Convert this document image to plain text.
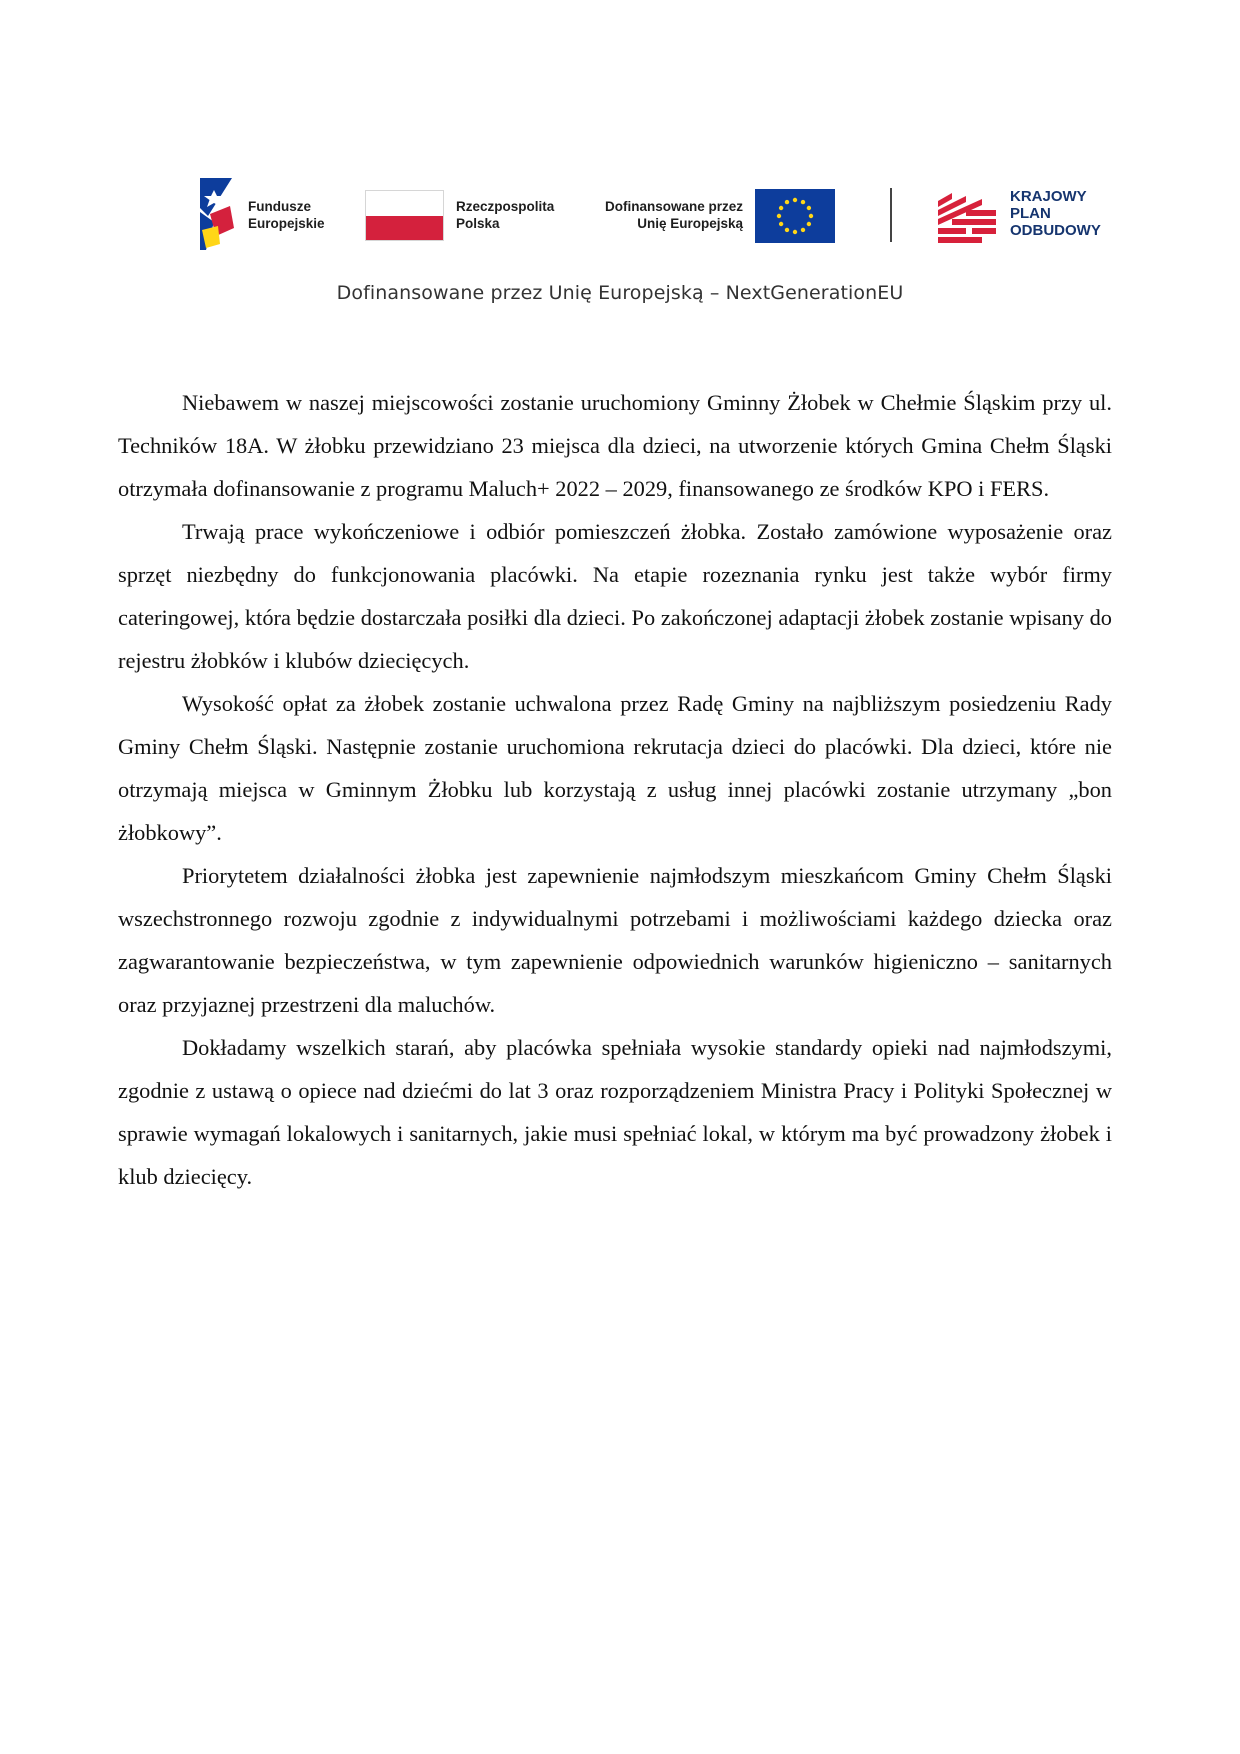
Fundusze
Europejskie
Rzeczpospolita
Polska
Dofinansowane przez
Unię Europejską
KRAJOWY
PLAN
ODBUDOWY
Dofinansowane przez Unię Europejską – NextGenerationEU

Niebawem w naszej miejscowości zostanie uruchomiony Gminny Żłobek w Chełmie Śląskim przy ul. Techników 18A. W żłobku przewidziano 23 miejsca dla dzieci, na utworzenie których Gmina Chełm Śląski otrzymała dofinansowanie z programu Maluch+ 2022 – 2029, finansowanego ze środków KPO i FERS.

Trwają prace wykończeniowe i odbiór pomieszczeń żłobka. Zostało zamówione wyposażenie oraz sprzęt niezbędny do funkcjonowania placówki. Na etapie rozeznania rynku jest także wybór firmy cateringowej, która będzie dostarczała posiłki dla dzieci. Po zakończonej adaptacji żłobek zostanie wpisany do rejestru żłobków i klubów dziecięcych.

Wysokość opłat za żłobek zostanie uchwalona przez Radę Gminy na najbliższym posiedzeniu Rady Gminy Chełm Śląski. Następnie zostanie uruchomiona rekrutacja dzieci do placówki. Dla dzieci, które nie otrzymają miejsca w Gminnym Żłobku lub korzystają z usług innej placówki zostanie utrzymany „bon żłobkowy”.

Priorytetem działalności żłobka jest zapewnienie najmłodszym mieszkańcom Gminy Chełm Śląski wszechstronnego rozwoju zgodnie z indywidualnymi potrzebami i możliwościami każdego dziecka oraz zagwarantowanie bezpieczeństwa, w tym zapewnienie odpowiednich warunków higieniczno – sanitarnych oraz przyjaznej przestrzeni dla maluchów.

Dokładamy wszelkich starań, aby placówka spełniała wysokie standardy opieki nad najmłodszymi, zgodnie z ustawą o opiece nad dziećmi do lat 3 oraz rozporządzeniem Ministra Pracy i Polityki Społecznej w sprawie wymagań lokalowych i sanitarnych, jakie musi spełniać lokal, w którym ma być prowadzony żłobek i klub dziecięcy.
